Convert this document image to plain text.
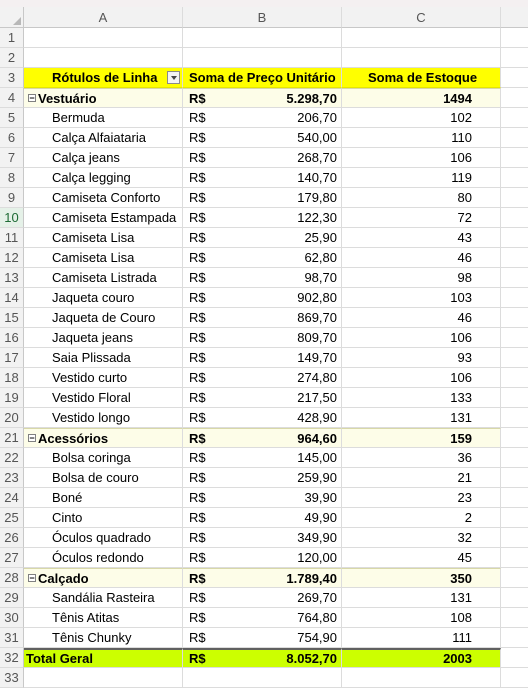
A	B	C
1
2
3	Rótulos de Linha	Soma de Preço Unitário	Soma de Estoque
4	− Vestuário	R$	5.298,70	1494
5	Bermuda	R$	206,70	102
6	Calça Alfaiataria	R$	540,00	110
7	Calça jeans	R$	268,70	106
8	Calça legging	R$	140,70	119
9	Camiseta Conforto	R$	179,80	80
10	Camiseta Estampada R$	122,30	72
11	Camiseta Lisa	R$	25,90	43
12	Camiseta Lisa	R$	62,80	46
13	Camiseta Listrada	R$	98,70	98
14	Jaqueta couro	R$	902,80	103
15	Jaqueta de Couro	R$	869,70	46
16	Jaqueta jeans	R$	809,70	106
17	Saia Plissada	R$	149,70	93
18	Vestido curto	R$	274,80	106
19	Vestido Floral	R$	217,50	133
20	Vestido longo	R$	428,90	131
21	− Acessórios	R$	964,60	159
22	Bolsa coringa	R$	145,00	36
23	Bolsa de couro	R$	259,90	21
24	Boné	R$	39,90	23
25	Cinto	R$	49,90	2
26	Óculos quadrado	R$	349,90	32
27	Óculos redondo	R$	120,00	45
28	− Calçado	R$	1.789,40	350
29	Sandália Rasteira	R$	269,70	131
30	Tênis Atitas	R$	764,80	108
31	Tênis Chunky	R$	754,90	111
32 Total Geral	R$	8.052,70	2003
33
